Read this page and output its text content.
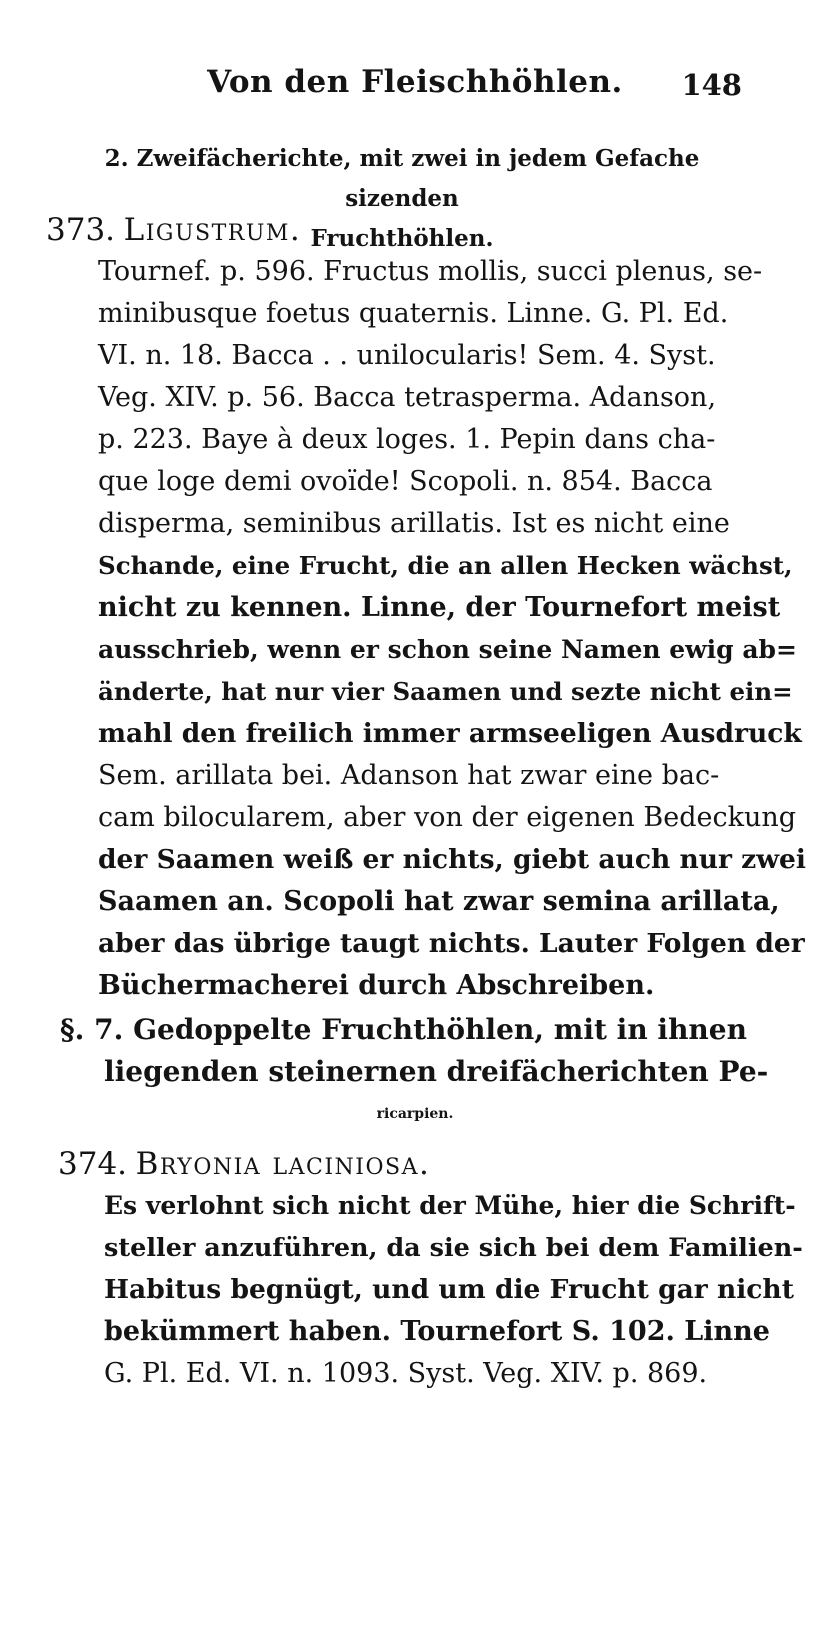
Von den Fleischhöhlen.	148
2. Zweifächerichte, mit zwei in jedem Gefache sizenden
Fruchthöhlen.
373. Ligustrum.
Tournef. p. 596. Fructus mollis, succi plenus, se-
minibusque foetus quaternis. Linne. G. Pl. Ed.
VI. n. 18. Bacca . . unilocularis! Sem. 4. Syst.
Veg. XIV. p. 56. Bacca tetrasperma. Adanson,
p. 223. Baye à deux loges. 1. Pepin dans cha-
que loge demi ovoïde! Scopoli. n. 854. Bacca
disperma, seminibus arillatis. Ist es nicht eine
Schande, eine Frucht, die an allen Hecken wächst,
nicht zu kennen. Linne, der Tournefort meist
ausschrieb, wenn er schon seine Namen ewig ab=
änderte, hat nur vier Saamen und sezte nicht ein=
mahl den freilich immer armseeligen Ausdruck
Sem. arillata bei. Adanson hat zwar eine bac-
cam bilocularem, aber von der eigenen Bedeckung
der Saamen weiß er nichts, giebt auch nur zwei
Saamen an. Scopoli hat zwar semina arillata,
aber das übrige taugt nichts. Lauter Folgen der
Büchermacherei durch Abschreiben.
§. 7. Gedoppelte Fruchthöhlen, mit in ihnen
liegenden steinernen dreifächerichten Pe-
ricarpien.
374. Bryonia laciniosa.
Es verlohnt sich nicht der Mühe, hier die Schrift-
steller anzuführen, da sie sich bei dem Familien-
Habitus begnügt, und um die Frucht gar nicht
bekümmert haben. Tournefort S. 102. Linne
G. Pl. Ed. VI. n. 1093. Syst. Veg. XIV. p. 869.
